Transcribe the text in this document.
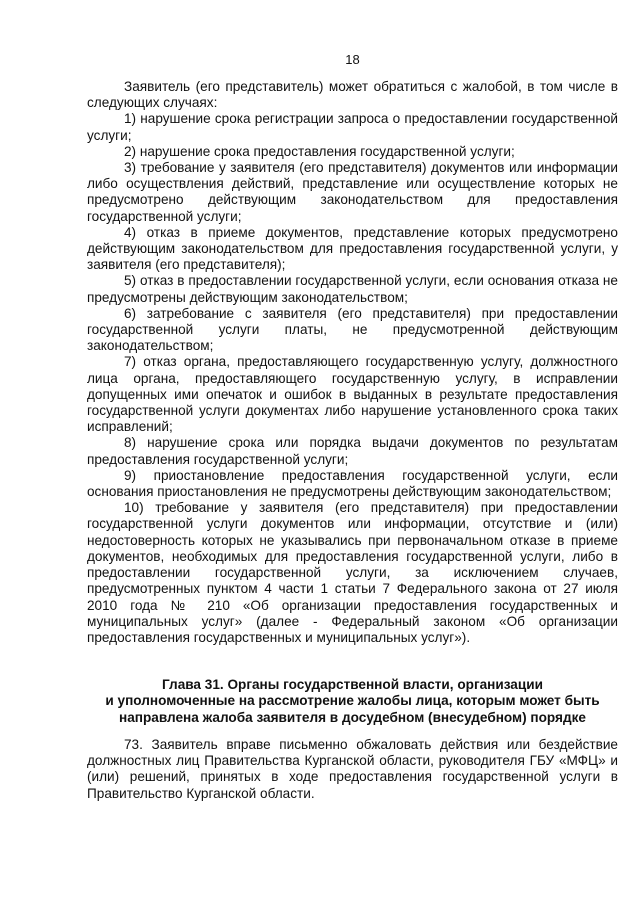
18

Заявитель (его представитель) может обратиться с жалобой, в том числе в следующих случаях:

1) нарушение срока регистрации запроса о предоставлении государственной услуги;

2) нарушение срока предоставления государственной услуги;

3) требование у заявителя (его представителя) документов или информации либо осуществления действий, представление или осуществление которых не предусмотрено действующим законодательством для предоставления государственной услуги;

4) отказ в приеме документов, представление которых предусмотрено действующим законодательством для предоставления государственной услуги, у заявителя (его представителя);

5) отказ в предоставлении государственной услуги, если основания отказа не предусмотрены действующим законодательством;

6) затребование с заявителя (его представителя) при предоставлении государственной услуги платы, не предусмотренной действующим законодательством;

7) отказ органа, предоставляющего государственную услугу, должностного лица органа, предоставляющего государственную услугу, в исправлении допущенных ими опечаток и ошибок в выданных в результате предоставления государственной услуги документах либо нарушение установленного срока таких исправлений;

8) нарушение срока или порядка выдачи документов по результатам предоставления государственной услуги;

9) приостановление предоставления государственной услуги, если основания приостановления не предусмотрены действующим законодательством;

10) требование у заявителя (его представителя) при предоставлении государственной услуги документов или информации, отсутствие и (или) недостоверность которых не указывались при первоначальном отказе в приеме документов, необходимых для предоставления государственной услуги, либо в предоставлении государственной услуги, за исключением случаев, предусмотренных пунктом 4 части 1 статьи 7 Федерального закона от 27 июля 2010 года № 210 «Об организации предоставления государственных и муниципальных услуг» (далее - Федеральный законом «Об организации предоставления государственных и муниципальных услуг»).

Глава 31. Органы государственной власти, организации
и уполномоченные на рассмотрение жалобы лица, которым может быть
направлена жалоба заявителя в досудебном (внесудебном) порядке

73. Заявитель вправе письменно обжаловать действия или бездействие должностных лиц Правительства Курганской области, руководителя ГБУ «МФЦ» и (или) решений, принятых в ходе предоставления государственной услуги в Правительство Курганской области.
